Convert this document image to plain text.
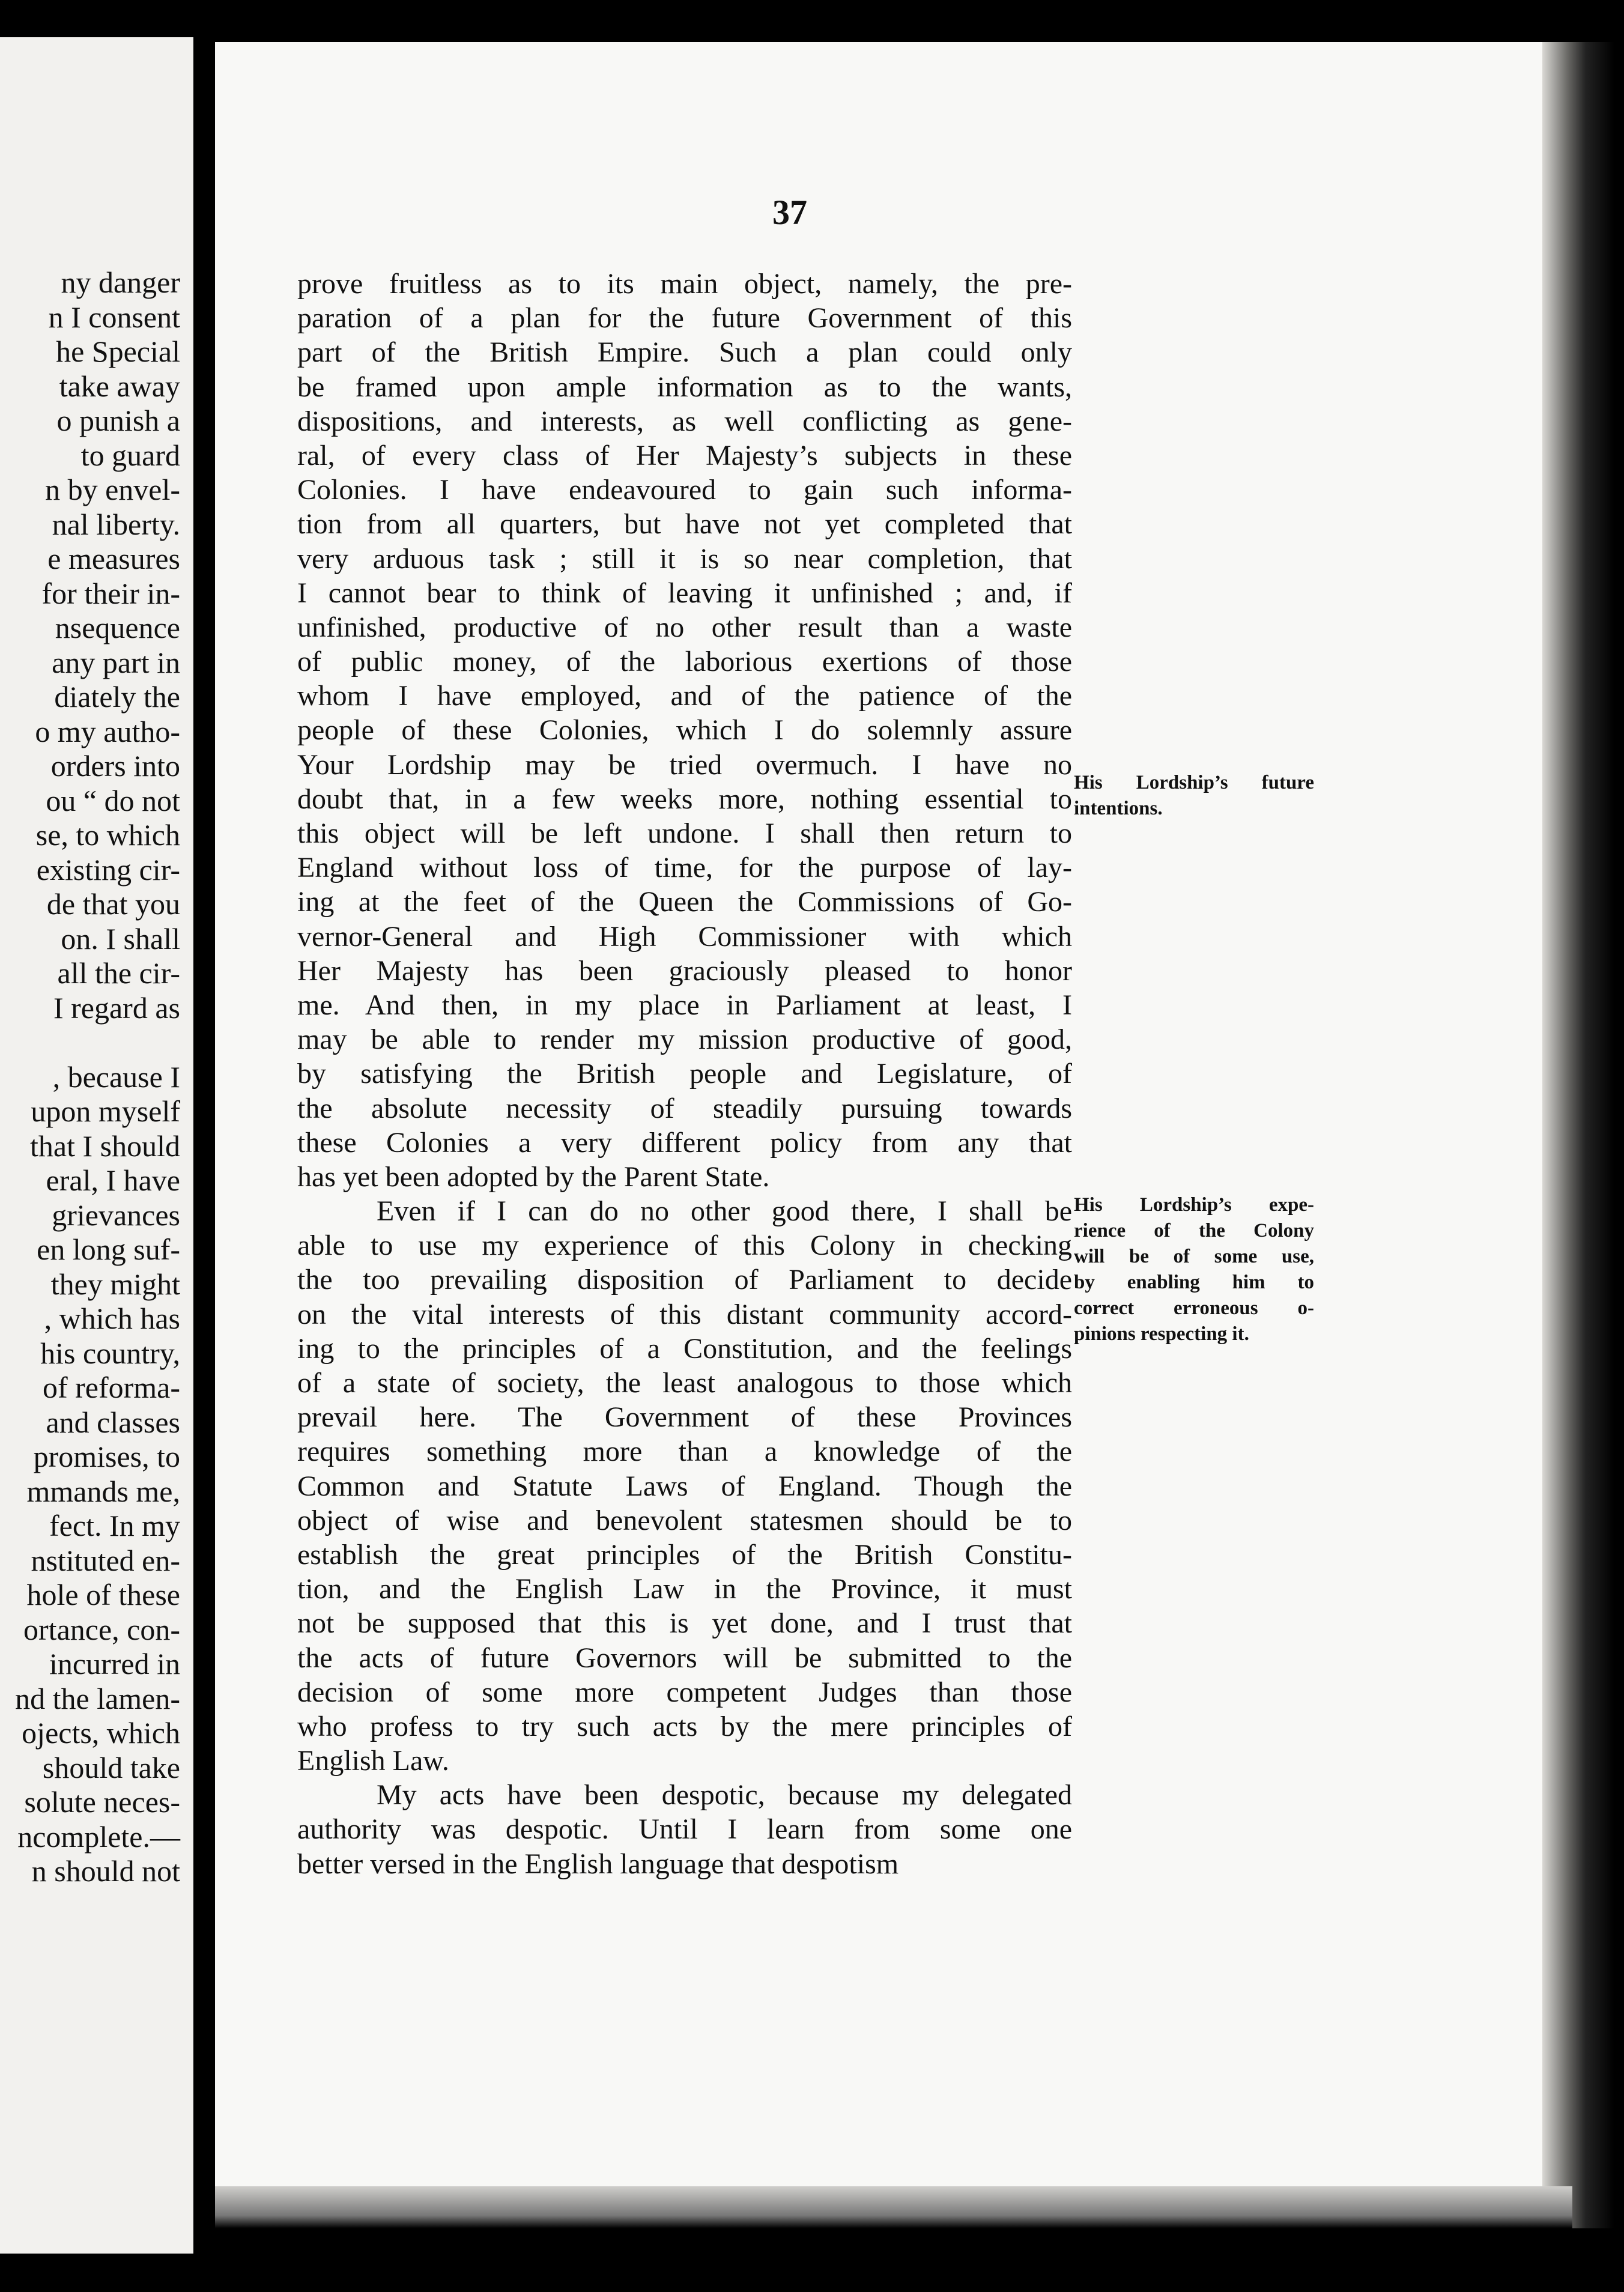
ny danger
n I consent
he Special
take away
o punish a
to guard
n by envel-
nal liberty.
e measures
for their in-
nsequence
any part in
diately the
o my autho-
orders into
ou “ do not
se, to which
existing cir-
de that you
on. I shall
all the cir-
I regard as
, because I
upon myself
that I should
eral, I have
grievances
en long suf-
they might
, which has
his country,
of reforma-
and classes
promises, to
mmands me,
fect. In my
nstituted en-
hole of these
ortance, con-
incurred in
nd the lamen-
ojects, which
should take
solute neces-
ncomplete.—
n should not
37
prove fruitless as to its main object, namely, the pre-
paration of a plan for the future Government of this
part of the British Empire. Such a plan could only
be framed upon ample information as to the wants,
dispositions, and interests, as well conflicting as gene-
ral, of every class of Her Majesty’s subjects in these
Colonies. I have endeavoured to gain such informa-
tion from all quarters, but have not yet completed that
very arduous task ; still it is so near completion, that
I cannot bear to think of leaving it unfinished ; and, if
unfinished, productive of no other result than a waste
of public money, of the laborious exertions of those
whom I have employed, and of the patience of the
people of these Colonies, which I do solemnly assure
Your Lordship may be tried overmuch. I have no
doubt that, in a few weeks more, nothing essential to
this object will be left undone. I shall then return to
England without loss of time, for the purpose of lay-
ing at the feet of the Queen the Commissions of Go-
vernor-General and High Commissioner with which
Her Majesty has been graciously pleased to honor
me. And then, in my place in Parliament at least, I
may be able to render my mission productive of good,
by satisfying the British people and Legislature, of
the absolute necessity of steadily pursuing towards
these Colonies a very different policy from any that
has yet been adopted by the Parent State.
Even if I can do no other good there, I shall be
able to use my experience of this Colony in checking
the too prevailing disposition of Parliament to decide
on the vital interests of this distant community accord-
ing to the principles of a Constitution, and the feelings
of a state of society, the least analogous to those which
prevail here. The Government of these Provinces
requires something more than a knowledge of the
Common and Statute Laws of England. Though the
object of wise and benevolent statesmen should be to
establish the great principles of the British Constitu-
tion, and the English Law in the Province, it must
not be supposed that this is yet done, and I trust that
the acts of future Governors will be submitted to the
decision of some more competent Judges than those
who profess to try such acts by the mere principles of
English Law.
My acts have been despotic, because my delegated
authority was despotic. Until I learn from some one
better versed in the English language that despotism
His Lordship’s future
intentions.
His Lordship’s expe-
rience of the Colony
will be of some use,
by enabling him to
correct erroneous o-
pinions respecting it.
